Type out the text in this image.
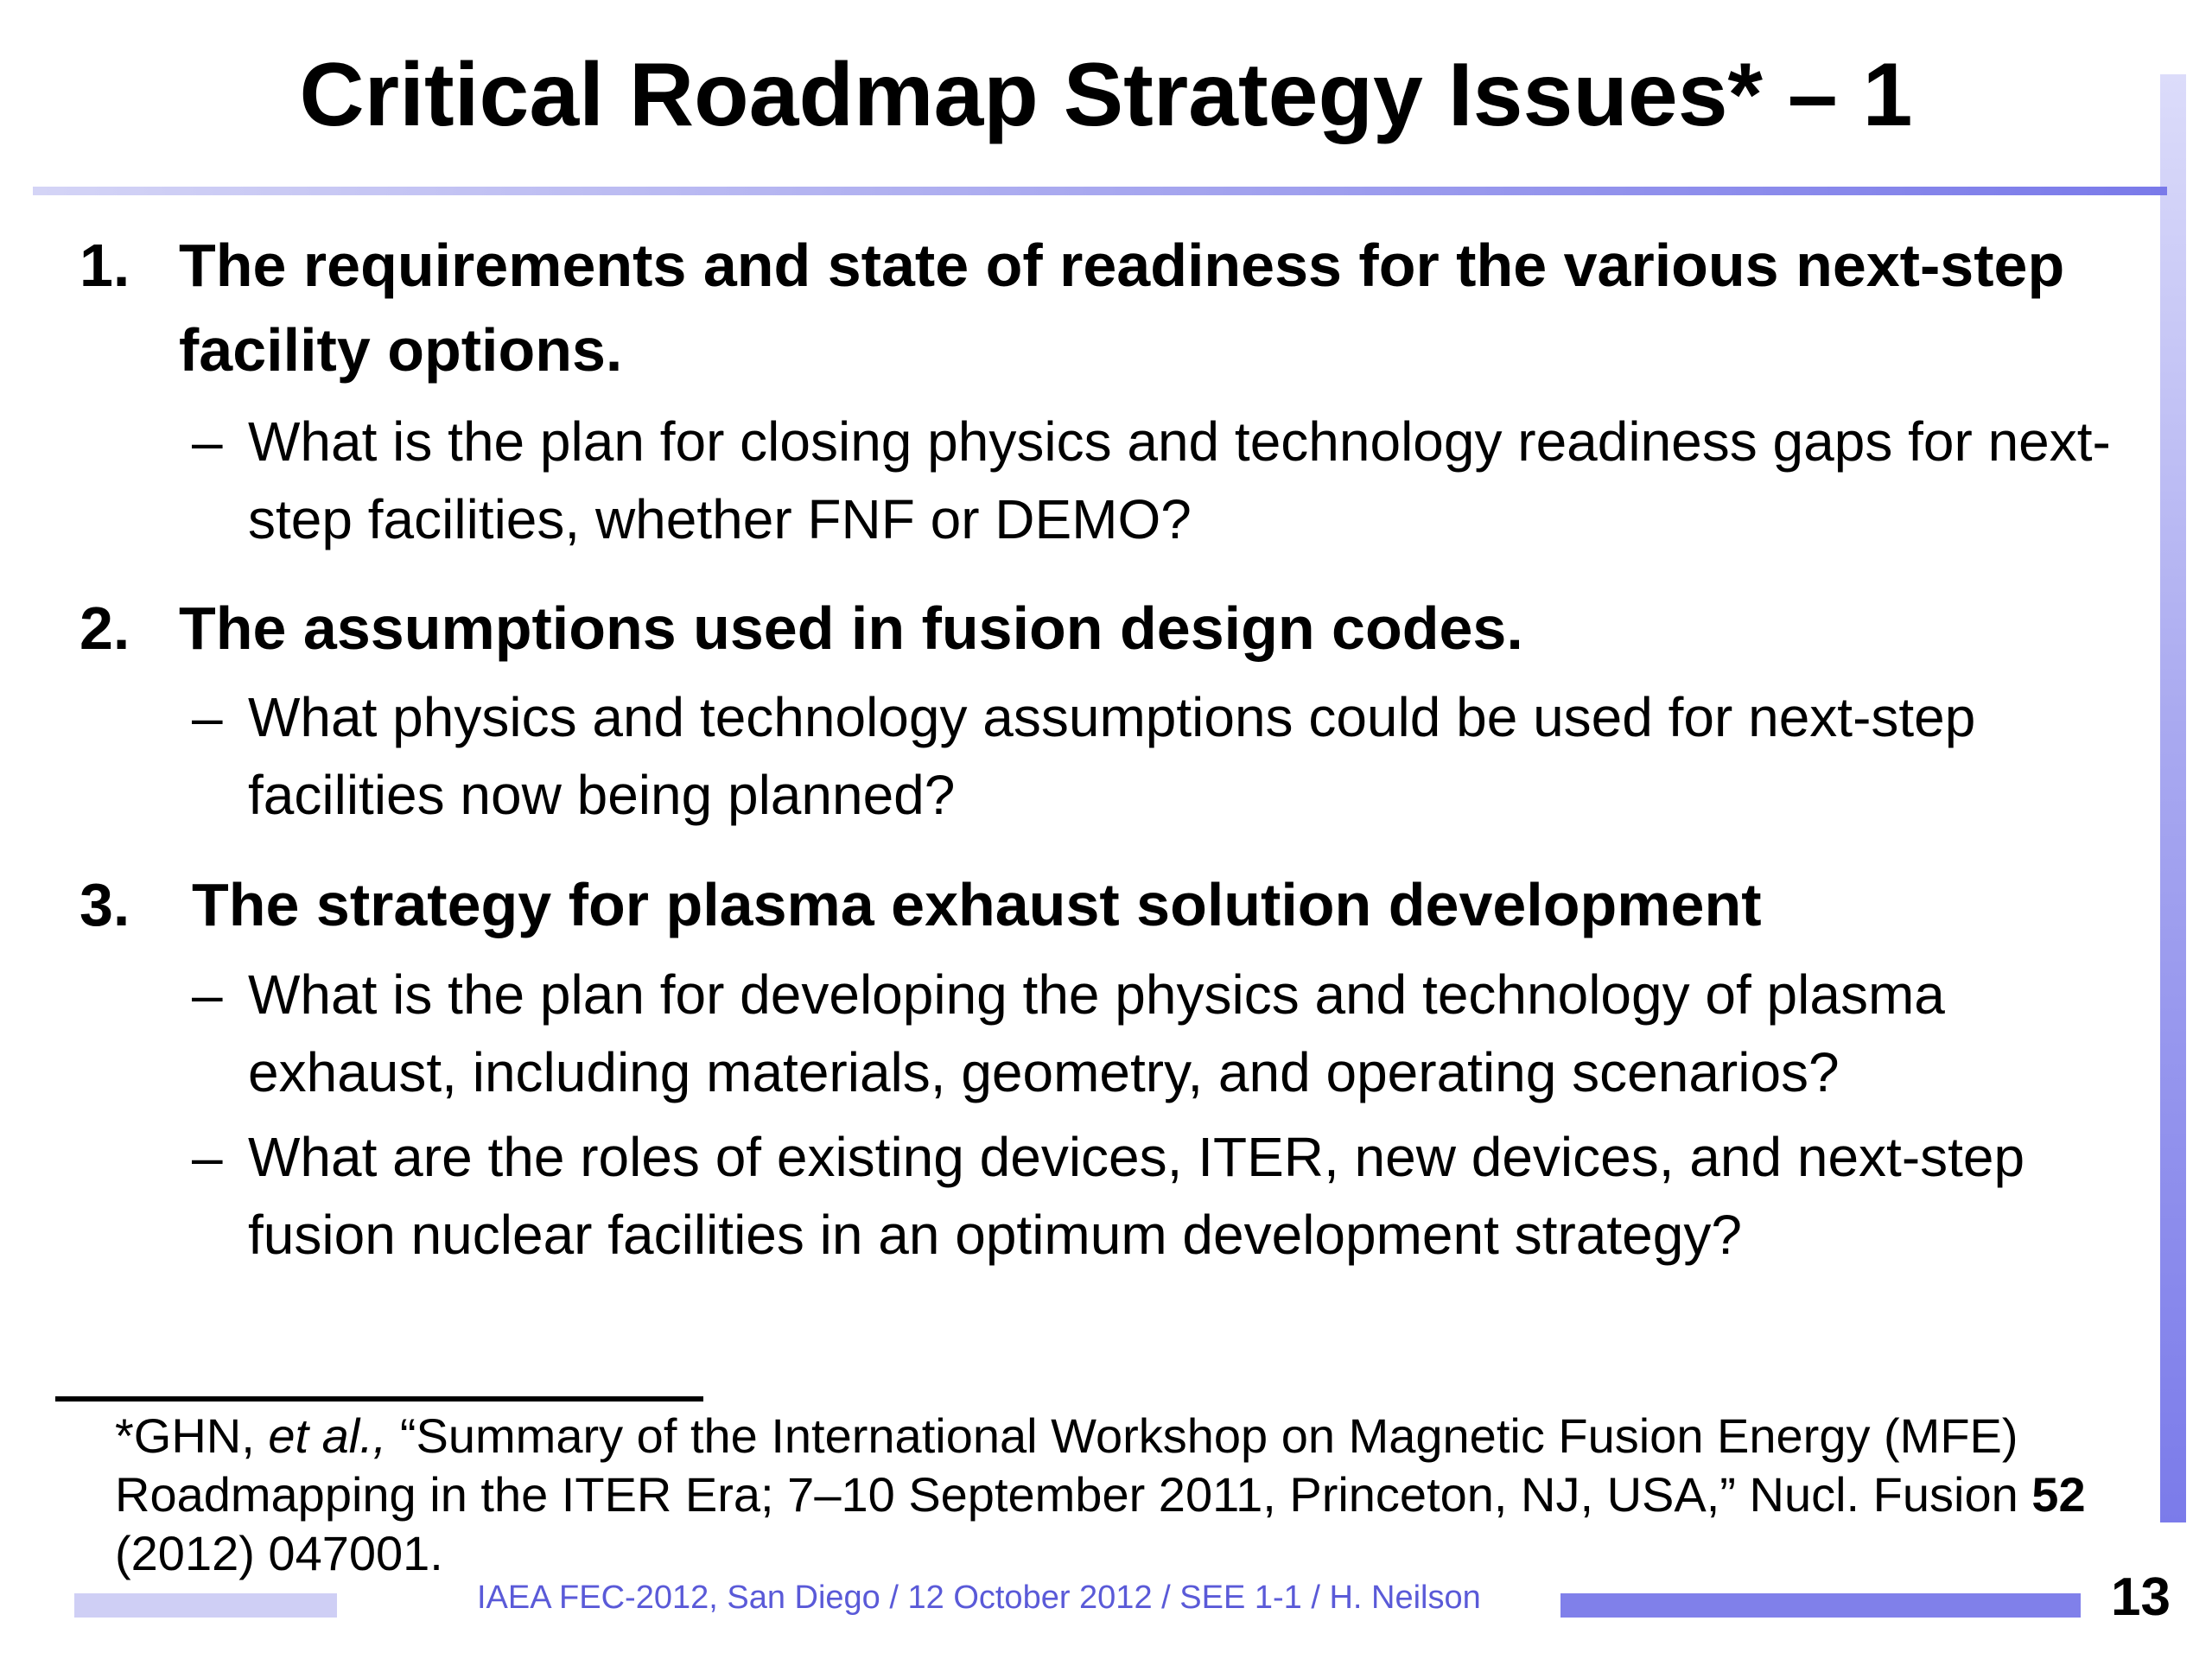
Critical Roadmap Strategy Issues* – 1
1. The requirements and state of readiness for the various next-step facility options.
– What is the plan for closing physics and technology readiness gaps for next-step facilities, whether FNF or DEMO?
2. The assumptions used in fusion design codes.
– What physics and technology assumptions could be used for next-step facilities now being planned?
3. The strategy for plasma exhaust solution development
– What is the plan for developing the physics and technology of plasma exhaust, including materials, geometry, and operating scenarios?
– What are the roles of existing devices, ITER, new devices, and next-step fusion nuclear facilities in an optimum development strategy?
*GHN, et al., “Summary of the International Workshop on Magnetic Fusion Energy (MFE) Roadmapping in the ITER Era; 7–10 September 2011, Princeton, NJ, USA,” Nucl. Fusion 52 (2012) 047001.
IAEA FEC-2012, San Diego / 12 October 2012 / SEE 1-1 / H. Neilson	13
